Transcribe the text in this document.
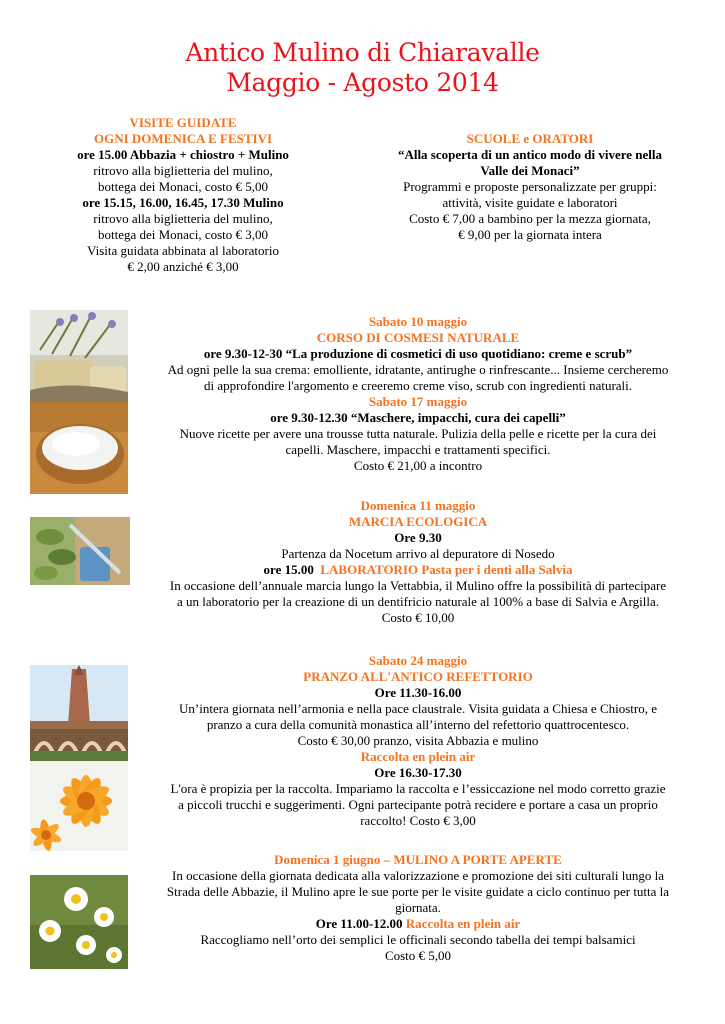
Antico Mulino di Chiaravalle
Maggio - Agosto 2014
VISITE GUIDATE
OGNI DOMENICA E FESTIVI
ore 15.00 Abbazia + chiostro + Mulino
ritrovo alla biglietteria del mulino,
bottega dei Monaci, costo € 5,00
ore 15.15, 16.00, 16.45, 17.30 Mulino
ritrovo alla biglietteria del mulino,
bottega dei Monaci, costo € 3,00
Visita guidata abbinata al laboratorio
€ 2,00 anziché € 3,00
SCUOLE e ORATORI
“Alla scoperta di un antico modo di vivere nella
Valle dei Monaci”
Programmi e proposte personalizzate per gruppi:
attività, visite guidate e laboratori
Costo € 7,00 a bambino per la mezza giornata,
€ 9,00 per la giornata intera
Sabato 10 maggio
CORSO DI COSMESI NATURALE
ore 9.30-12-30 “La produzione di cosmetici di uso quotidiano: creme e scrub”
Ad ogni pelle la sua crema: emolliente, idratante, antirughe o rinfrescante... Insieme cercheremo
di approfondire l'argomento e creeremo creme viso, scrub con ingredienti naturali.
Sabato 17 maggio
ore 9.30-12.30 “Maschere, impacchi, cura dei capelli”
Nuove ricette per avere una trousse tutta naturale. Pulizia della pelle e ricette per la cura dei
capelli. Maschere, impacchi e trattamenti specifici.
Costo € 21,00 a incontro
Domenica 11 maggio
MARCIA ECOLOGICA
Ore 9.30
Partenza da Nocetum arrivo al depuratore di Nosedo
ore 15.00 LABORATORIO Pasta per i denti alla Salvia
In occasione dell’annuale marcia lungo la Vettabbia, il Mulino offre la possibilità di partecipare
a un laboratorio per la creazione di un dentifricio naturale al 100% a base di Salvia e Argilla.
Costo € 10,00
Sabato 24 maggio
PRANZO ALL'ANTICO REFETTORIO
Ore 11.30-16.00
Un’intera giornata nell’armonia e nella pace claustrale. Visita guidata a Chiesa e Chiostro, e
pranzo a cura della comunità monastica all’interno del refettorio quattrocentesco.
Costo € 30,00 pranzo, visita Abbazia e mulino
Raccolta en plein air
Ore 16.30-17.30
L'ora è propizia per la raccolta. Impariamo la raccolta e l’essiccazione nel modo corretto grazie
a piccoli trucchi e suggerimenti. Ogni partecipante potrà recidere e portare a casa un proprio
raccolto! Costo € 3,00
Domenica 1 giugno – MULINO A PORTE APERTE
In occasione della giornata dedicata alla valorizzazione e promozione dei siti culturali lungo la
Strada delle Abbazie, il Mulino apre le sue porte per le visite guidate a ciclo continuo per tutta la
giornata.
Ore 11.00-12.00 Raccolta en plein air
Raccogliamo nell’orto dei semplici le officinali secondo tabella dei tempi balsamici
Costo € 5,00
